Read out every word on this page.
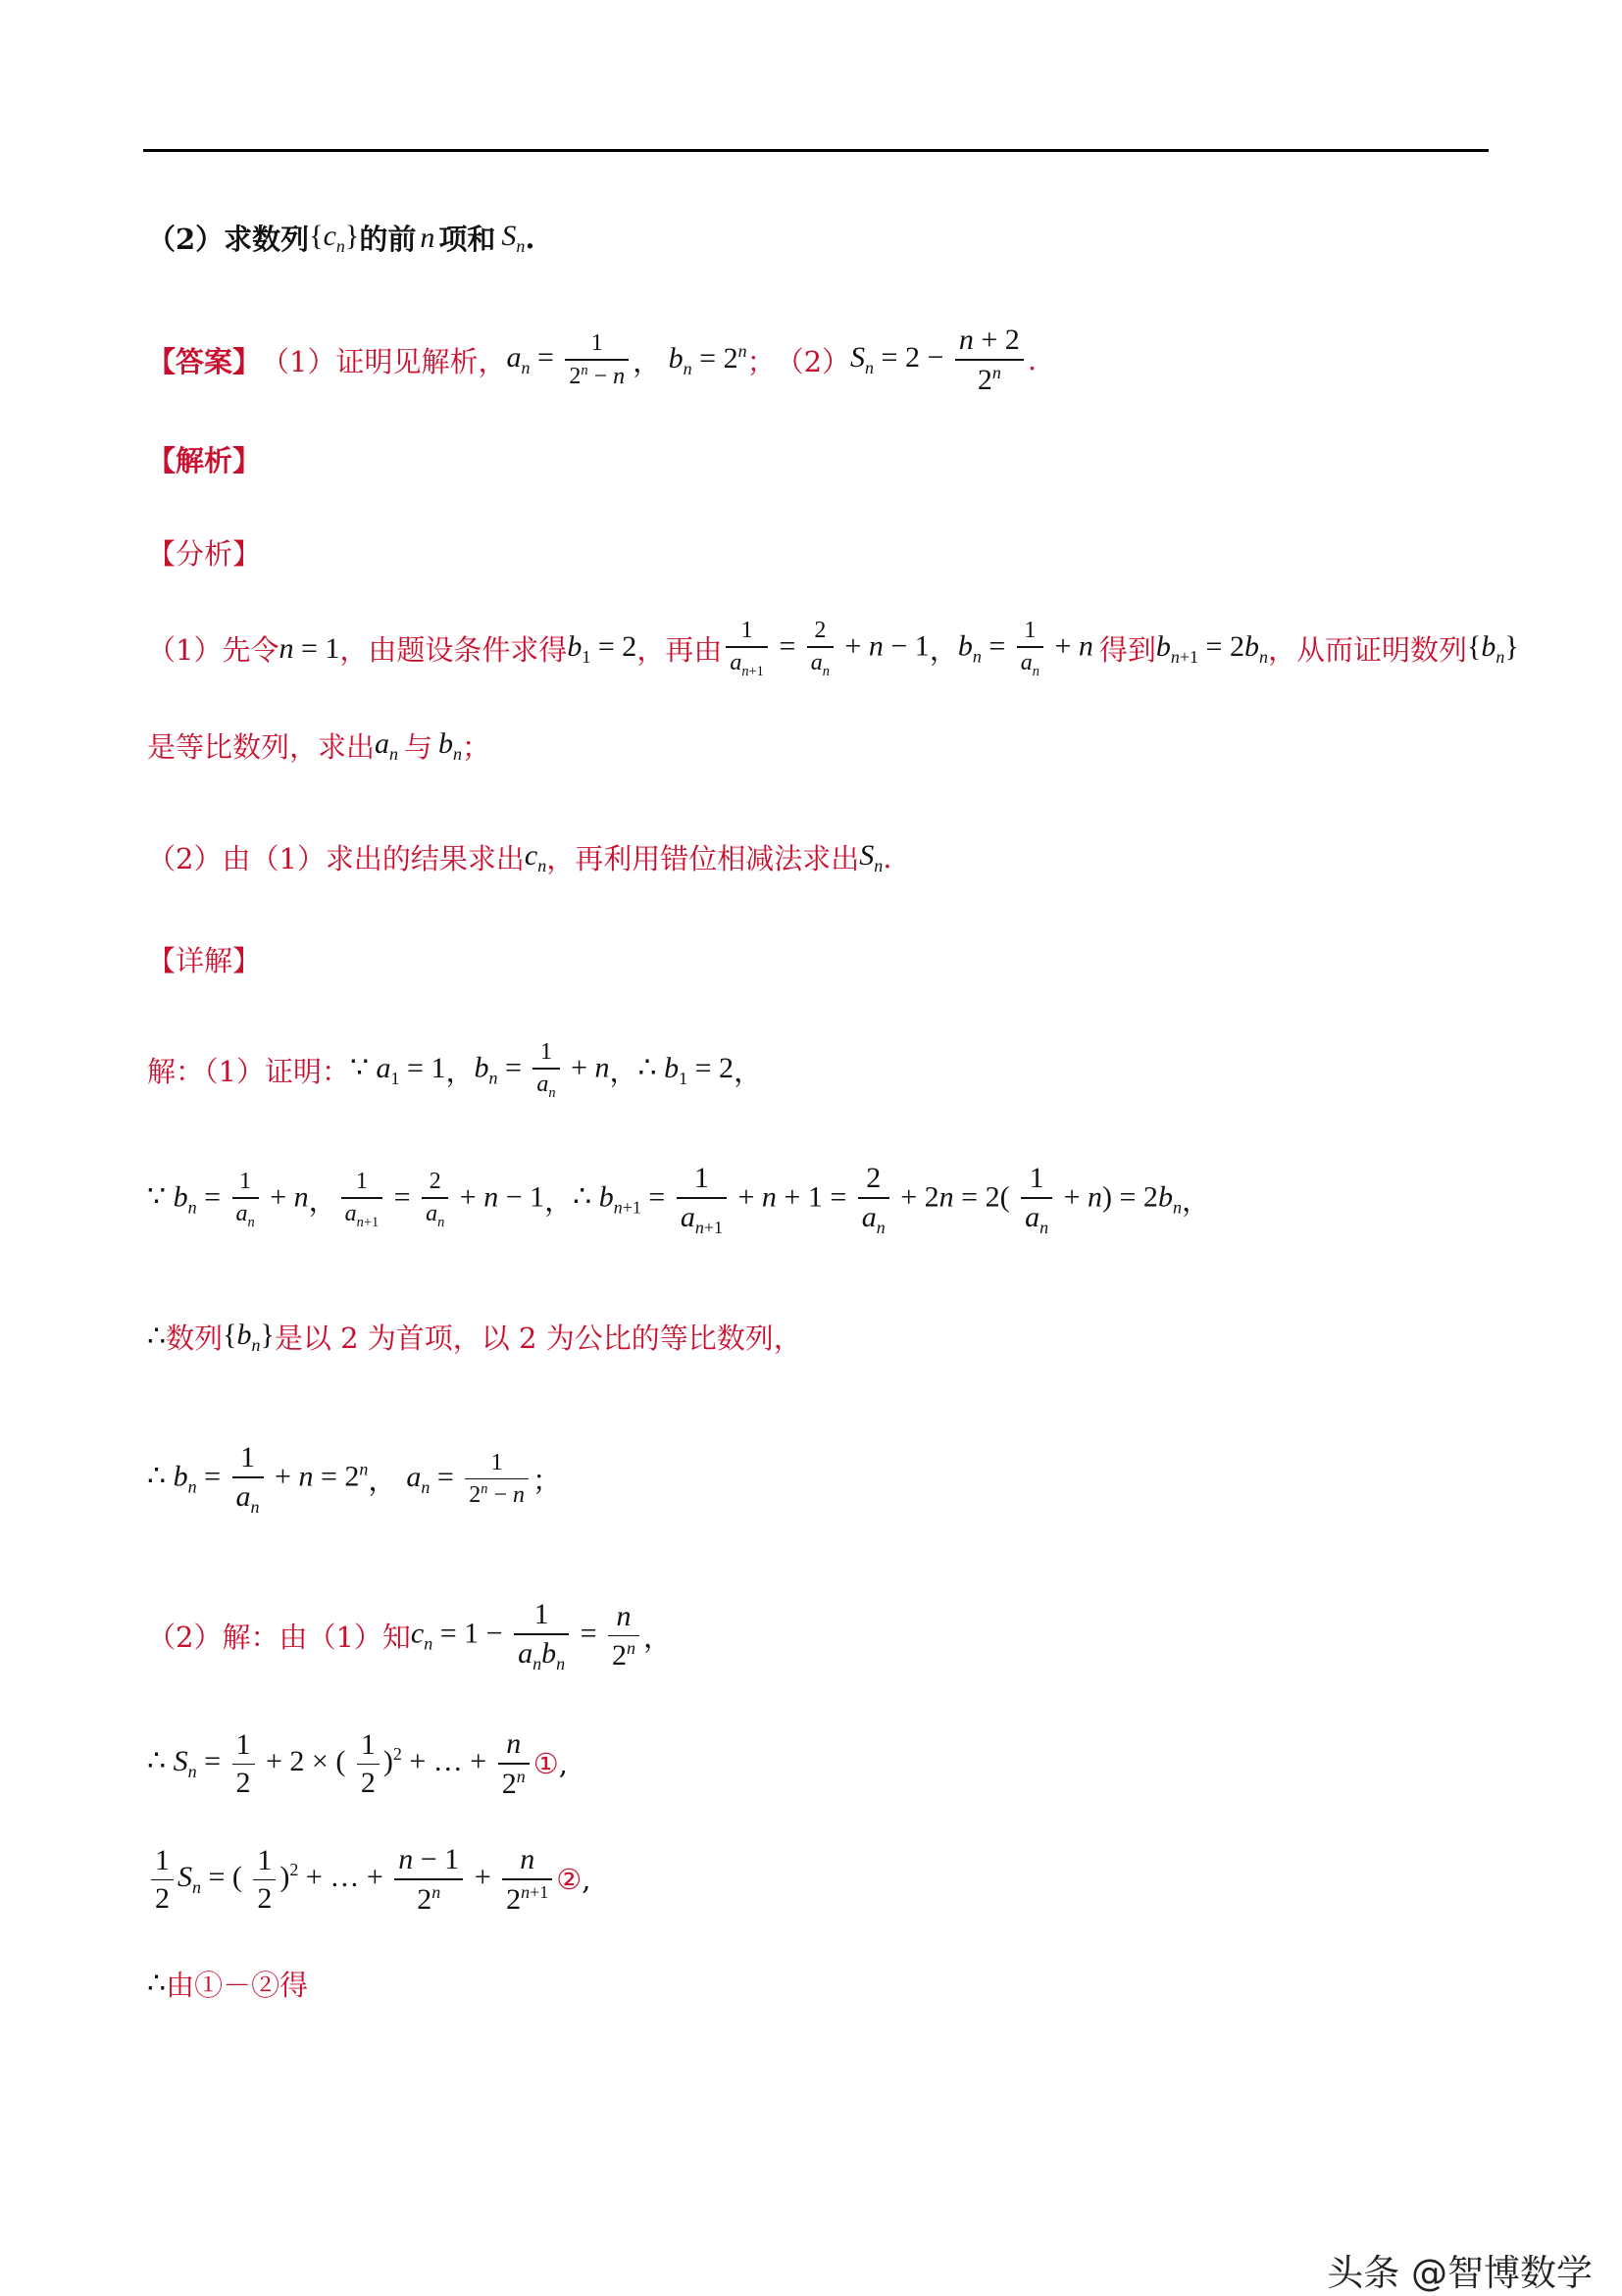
（2）求数列 $\{c_n\}$ 的前 n 项和 $S_n$ .
【答案】 （1）证明见解析， $a_n = \frac{1}{2^n - n}$ ， $b_n = 2^n$ ； （2） $S_n = 2 - \frac{n + 2}{2^n}$ .
【解析】
【分析】
（1）先令 n = 1 ，由题设条件求得 $b_1 = 2$ ，再由 $\frac{1}{a_{n+1}} = \frac{2}{a_n} + n - 1$ ， $b_n = \frac{1}{a_n} + n$ 得到 $b_{n+1} = 2b_n$ ，从而证明数列 $\{b_n\}$
是等比数列，求出 $a_n$ 与 $b_n$ ；
（2）由（1）求出的结果求出 $c_n$ ，再利用错位相减法求出 $S_n$ .
【详解】
解：（1）证明： ∵ $a_1 = 1$ ， $b_n = \frac{1}{a_n} + n$ ， ∴ $b_1 = 2$ ，
∵ $b_n = \frac{1}{a_n} + n$ ， $\frac{1}{a_{n+1}} = \frac{2}{a_n} + n - 1$ ， ∴ $b_{n+1} = \frac{1}{a_{n+1}} + n + 1 = \frac{2}{a_n} + 2n = 2( \frac{1}{a_n} + n) = 2b_n$ ，
∴ 数列 $\{b_n\}$ 是以 2 为首项，以 2 为公比的等比数列，
∴ $b_n = \frac{1}{a_n} + n = 2^n$ ， $a_n = \frac{1}{2^n - n}$ ；
（2）解：由（1）知 $c_n = 1 - \frac{1}{a_nb_n} = \frac{n}{2^n}$ ，
∴ $S_n = \frac{1}{2} + 2$ × ( $\frac{1}{2} )^2$ + … + $\frac{n}{2^n}$ ① ,
$\frac{1}{2} S_n$ = ( $\frac{1}{2} )^2$ + … + $\frac{n - 1}{2^n} + \frac{n}{2^{n+1}}$ ② ,
∴ 由①－②得
头条 @智博数学
